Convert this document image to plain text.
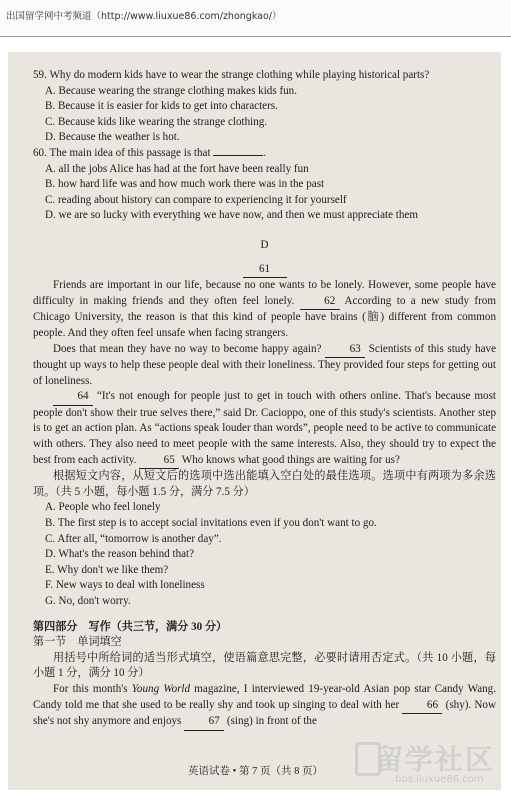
出国留学网中考频道（http://www.liuxue86.com/zhongkao/）
59. Why do modern kids have to wear the strange clothing while playing historical parts?
A. Because wearing the strange clothing makes kids fun.
B. Because it is easier for kids to get into characters.
C. Because kids like wearing the strange clothing.
D. Because the weather is hot.
60. The main idea of this passage is that	.
A. all the jobs Alice has had at the fort have been really fun
B. how hard life was and how much work there was in the past
C. reading about history can compare to experiencing it for yourself
D. we are so lucky with everything we have now, and then we must appreciate them
D
61
Friends are important in our life, because no one wants to be lonely. However, some people have difficulty in making friends and they often feel lonely.	62 According to a new study from Chicago University, the reason is that this kind of people have brains (脑) different from common people. And they often feel unsafe when facing strangers.
Does that mean they have no way to become happy again?	63 Scientists of this study have thought up ways to help these people deal with their loneliness. They provided four steps for getting out of loneliness.
64 “It's not enough for people just to get in touch with others online. That's because most people don't show their true selves there,” said Dr. Cacioppo, one of this study's scientists. Another step is to get an action plan. As “actions speak louder than words”, people need to be active to communicate with others. They also need to meet people with the same interests. Also, they should try to expect the best from each activity. 65 Who knows what good things are waiting for us?
根据短文内容，从短文后的选项中选出能填入空白处的最佳选项。选项中有两项为多余选项。（共 5 小题，每小题 1.5 分，满分 7.5 分）
A. People who feel lonely
B. The first step is to accept social invitations even if you don't want to go.
C. After all, “tomorrow is another day”.
D. What's the reason behind that?
E. Why don't we like them?
F. New ways to deal with loneliness
G. No, don't worry.
第四部分　写作（共三节，满分 30 分）
第一节　单词填空
用括号中所给词的适当形式填空，使语篇意思完整，必要时请用否定式。（共 10 小题，每小题 1 分，满分 10 分）
For this month's Young World magazine, I interviewed 19-year-old Asian pop star Candy Wang. Candy told me that she used to be really shy and took up singing to deal with her 66 (shy). Now she's not shy anymore and enjoys 67 (sing) in front of the
英语试卷 • 第 7 页（共 8 页）	留学社区
bbs.liuxue86.com
